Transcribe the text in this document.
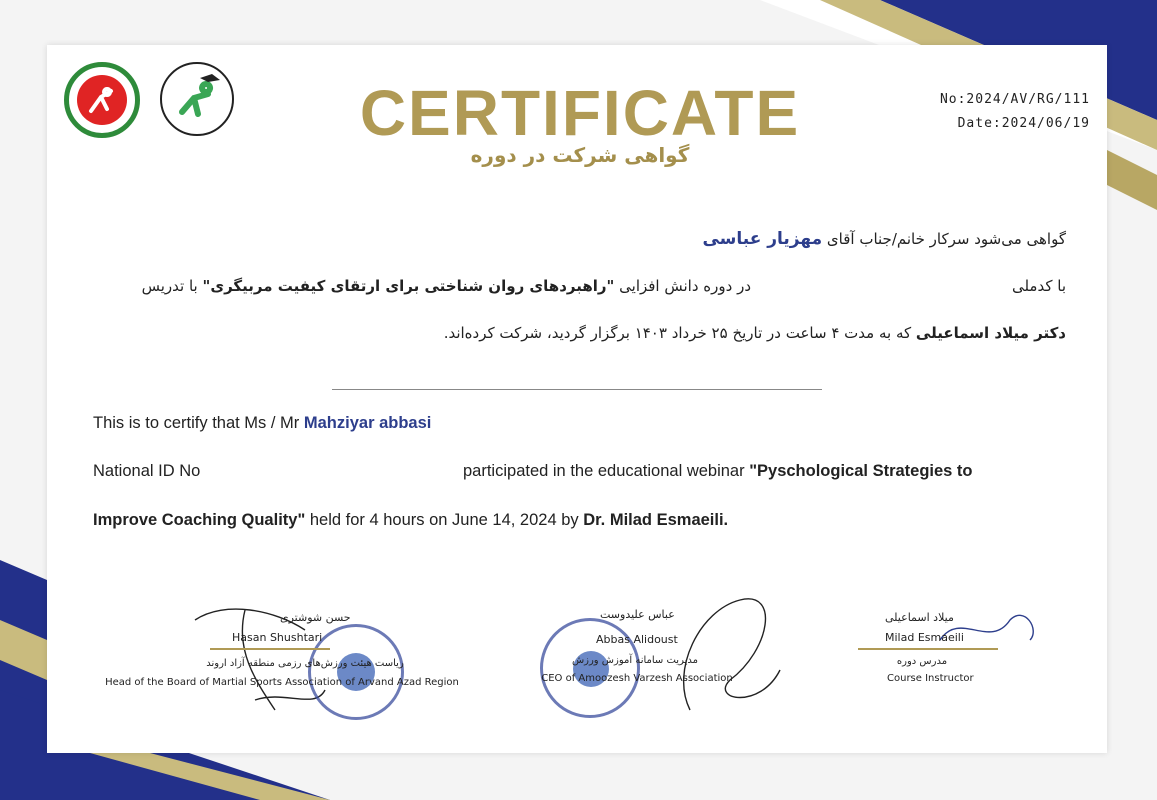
CERTIFICATE
گواهی شرکت در دوره
No:2024/AV/RG/111
Date:2024/06/19
گواهی می‌شود سرکار خانم/جناب آقای مهزیار عباسی
با کدملی
در دوره دانش افزایی "راهبردهای روان شناختی برای ارتقای کیفیت مربیگری" با تدریس
دکتر میلاد اسماعیلی که به مدت ۴ ساعت در تاریخ ۲۵ خرداد ۱۴۰۳ برگزار گردید، شرکت کرده‌اند.
This is to certify that Ms / Mr Mahziyar abbasi
National ID No	participated in the educational webinar "Pyschological Strategies to
Improve Coaching Quality" held for 4 hours on June 14, 2024 by Dr. Milad Esmaeili.
حسن شوشتری
Hasan Shushtari
ریاست هیئت ورزش‌های رزمی منطقه آزاد اروند
Head of the Board of Martial Sports Association of Arvand Azad Region
عباس علیدوست
Abbas Alidoust
مدیریت سامانه آموزش ورزش
CEO of Amoozesh Varzesh Association
میلاد اسماعیلی
Milad Esmaeili
مدرس دوره
Course Instructor
